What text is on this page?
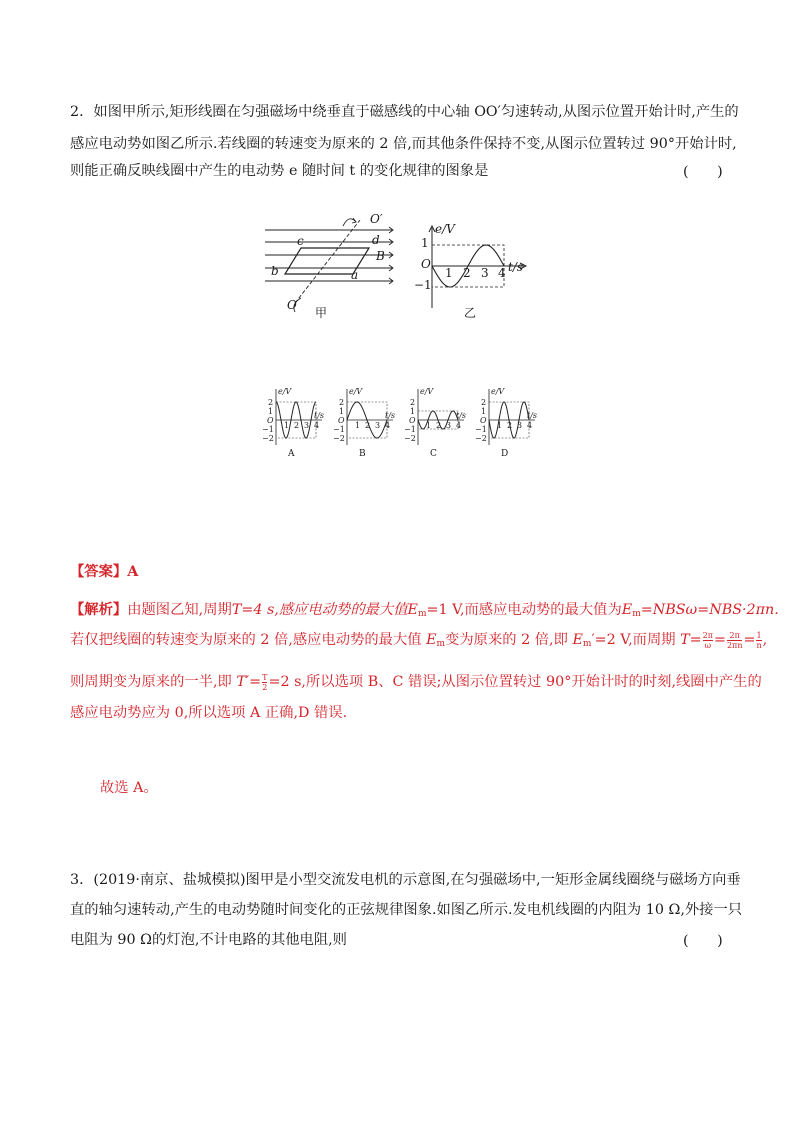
2．如图甲所示,矩形线圈在匀强磁场中绕垂直于磁感线的中心轴 OO′匀速转动,从图示位置开始计时,产生的
感应电动势如图乙所示.若线圈的转速变为原来的 2 倍,而其他条件保持不变,从图示位置转过 90°开始计时,
则能正确反映线圈中产生的电动势 e 随时间 t 的变化规律的图象是	(　　)
O′
c	d
B
b	a
O
甲
e/V
t/s
1
O
−1
1 2 3 4
乙
e/V
t/s
2
1
O
−1
−2
1 2 3 4
A
e/V
t/s
2
1
O
−1
−2
1 2 3 4
B
e/V
t/s
2
1
O
−1
−2
1 2 3 4
C
e/V
t/s
2
1
O
−1
−2
1 2 3 4
D
【答案】A
【解析】由题图乙知,周期T=4 s,感应电动势的最大值$E_m=1$ V,而感应电动势的最大值为$E_m=NBS\omega=NBS\cdot 2\pi n$.
若仅把线圈的转速变为原来的 2 倍,感应电动势的最大值 $E_m$变为原来的 2 倍,即 $E_m'=2$ V,而周期 $T= \frac{2\pi}{\omega} = \frac{2\pi}{2\pi n} = \frac{1}{n}$ ,
则周期变为原来的一半,即 $T'= \frac{T}{2} =2$ s,所以选项 B、C 错误;从图示位置转过 90°开始计时的时刻,线圈中产生的
感应电动势应为 0,所以选项 A 正确,D 错误.
故选 A。
3．(2019·南京、盐城模拟)图甲是小型交流发电机的示意图,在匀强磁场中,一矩形金属线圈绕与磁场方向垂
直的轴匀速转动,产生的电动势随时间变化的正弦规律图象.如图乙所示.发电机线圈的内阻为 10 Ω,外接一只
电阻为 90 Ω的灯泡,不计电路的其他电阻,则	(　　)
